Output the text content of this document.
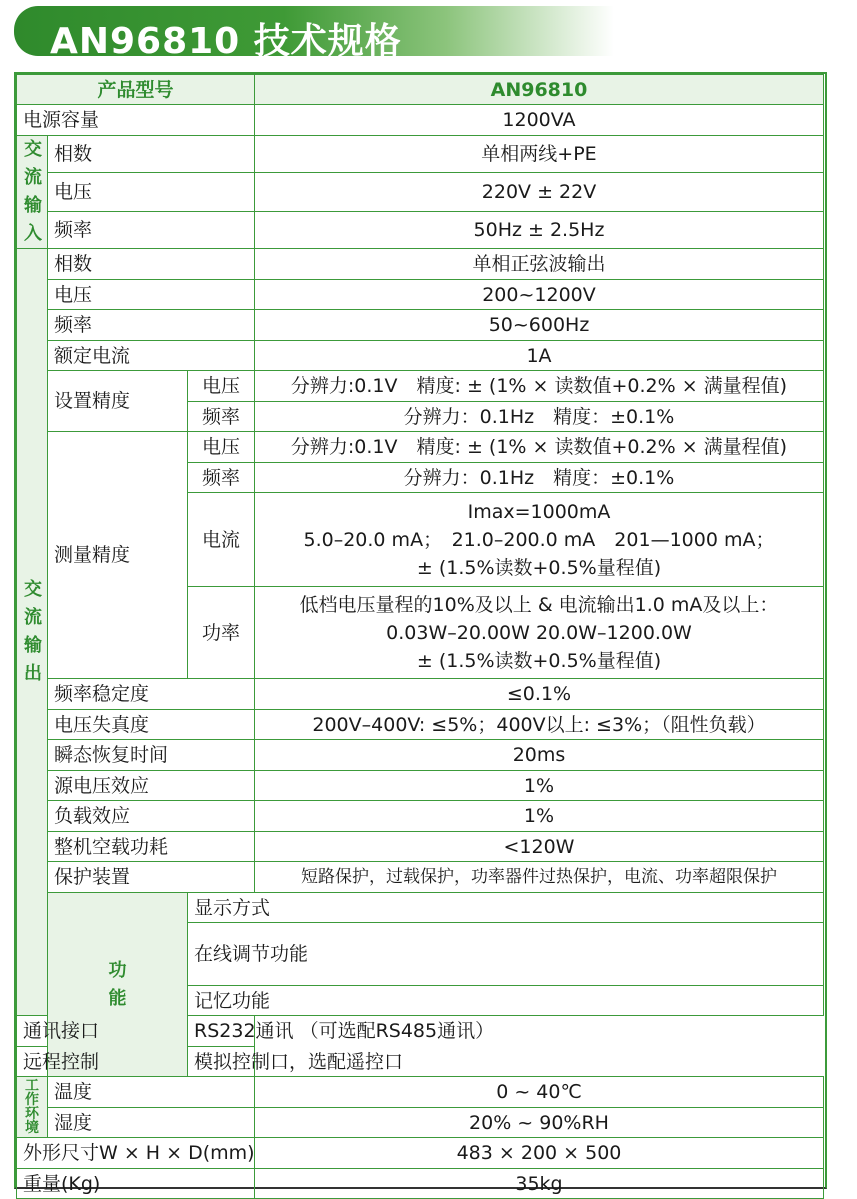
AN96810 技术规格
产品型号			AN96810	
电源容量			1200VA	

交流输入	相数		单相两线+PE	
	电压		220V ± 22V	
	频率		50Hz ± 2.5Hz	

交流输出	相数		单相正弦波输出	
	电压		200~1200V	
	频率		50~600Hz	
	额定电流		1A	
	设置精度	电压	分辨力:0.1V　精度: ± (1% × 读数值+0.2% × 满量程值)	
		频率	分辨力：0.1Hz　精度：±0.1%	
	测量精度	电压	分辨力:0.1V　精度: ± (1% × 读数值+0.2% × 满量程值)	
		频率	分辨力：0.1Hz　精度：±0.1%	
		电流	Imax=1000mA
5.0–20.0 mA；　21.0–200.0 mA　201—1000 mA；
± (1.5%读数+0.5%量程值)	

		功率	低档电压量程的10%及以上 & 电流输出1.0 mA及以上：
0.03W–20.00W 20.0W–1200.0W
± (1.5%读数+0.5%量程值)	

	频率稳定度		≤0.1%	
	电压失真度		200V–400V: ≤5%；400V以上: ≤3%；（阻性负载）	
	瞬态恢复时间		20ms	
	源电压效应		1%	
	负载效应		1%	
	整机空载功耗		<120W	
	保护装置		短路保护，过载保护，功率器件过热保护，电流、功率超限保护	

	功能	显示方式	
		在线调节功能	

		记忆功能	
通讯接口		RS232通讯 （可选配RS485通讯）		
远程控制		模拟控制口，选配遥控口		

工作环境	温度		0 ~ 40℃	
	湿度		20% ~ 90%RH	
外形尺寸W × H × D(mm)			483 × 200 × 500	
重量(Kg)			35kg	
